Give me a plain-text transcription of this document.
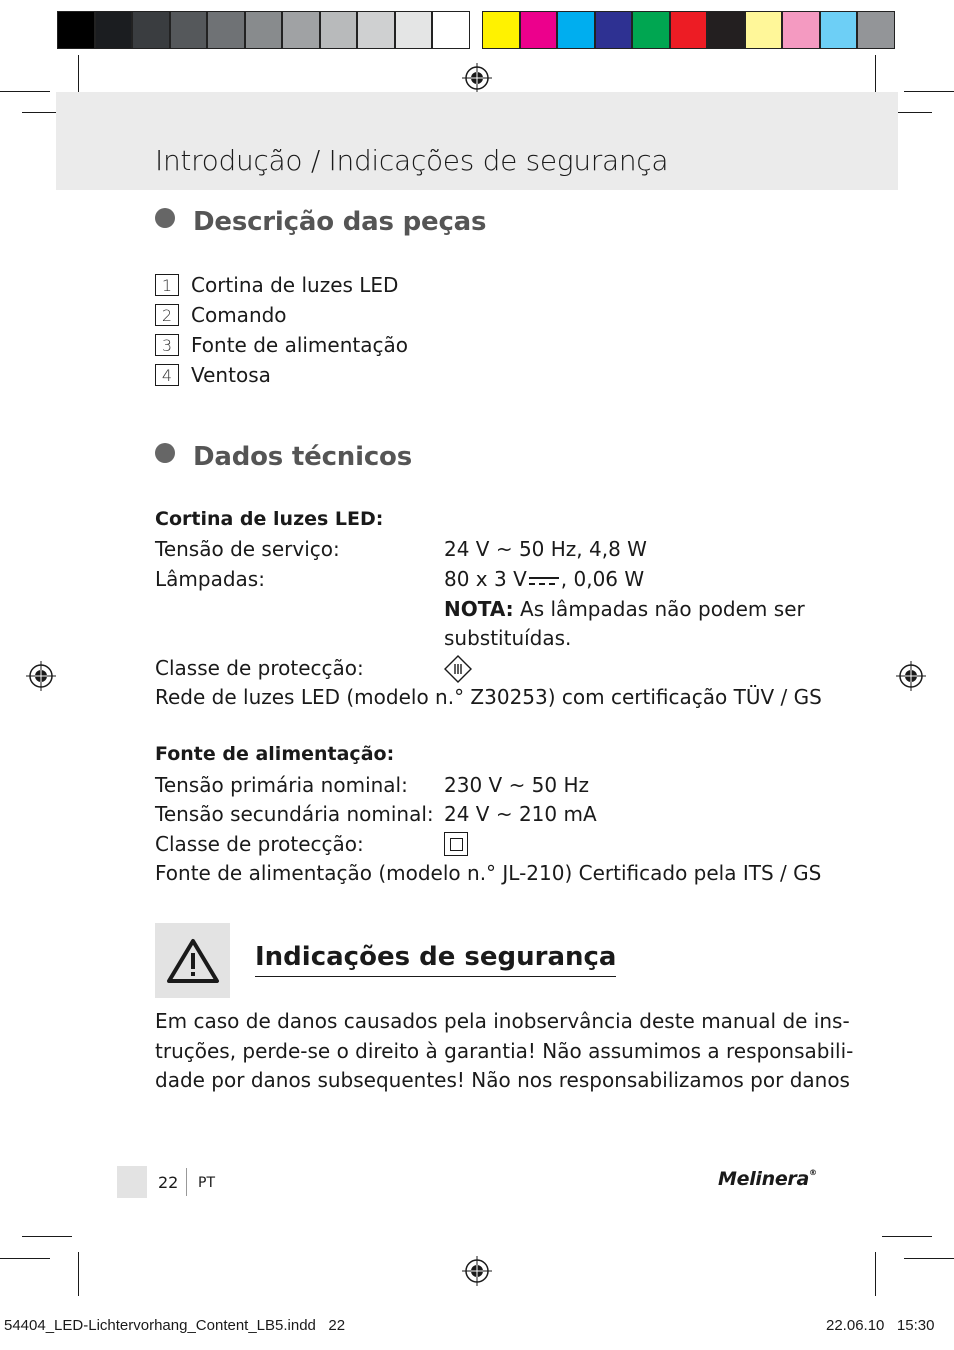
Introdução / Indicações de segurança
Descrição das peças
1 Cortina de luzes LED
2 Comando
3 Fonte de alimentação
4 Ventosa
Dados técnicos
Cortina de luzes LED:
Tensão de serviço:	24 V ~ 50 Hz, 4,8 W
Lâmpadas:	80 x 3 V , 0,06 W
NOTA: As lâmpadas não podem ser
substituídas.
Classe de protecção:
Rede de luzes LED (modelo n.° Z30253) com certificação TÜV / GS
Fonte de alimentação:
Tensão primária nominal: 230 V ~ 50 Hz
Tensão secundária nominal: 24 V ~ 210 mA
Classe de protecção:
Fonte de alimentação (modelo n.° JL-210) Certificado pela ITS / GS
Indicações de segurança
Em caso de danos causados pela inobservância deste manual de ins-
truções, perde-se o direito à garantia! Não assumimos a responsabili-
dade por danos subsequentes! Não nos responsabilizamos por danos
22 PT	Melinera®
54404_LED-Lichtervorhang_Content_LB5.indd   22	22.06.10   15:30
